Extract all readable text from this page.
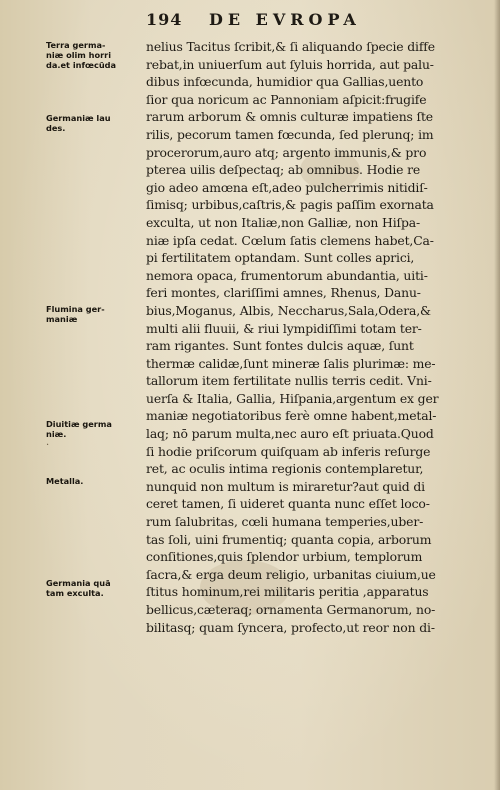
194 DE EVROPA
nelius Tacitus ſcribit,& ſi aliquando ſpecie diffe
rebat,in uniuerſum aut ſyluis horrida, aut palu-
dibus infœcunda, humidior qua Gallias,uento
ſior qua noricum ac Pannoniam aſpicit:frugife
rarum arborum & omnis culturæ impatiens ſte
rilis, pecorum tamen fœcunda, ſed plerunq; im
procerorum,auro atq; argento immunis,& pro
pterea uilis deſpectaq; ab omnibus. Hodie re
gio adeo amœna eſt,adeo pulcherrimis nitidiſ-
ſimisq; urbibus,caſtris,& pagis paſſim exornata
exculta, ut non Italiæ,non Galliæ, non Hiſpa-
niæ ipſa cedat. Cœlum ſatis clemens habet,Ca-
pi fertilitatem optandam. Sunt colles aprici,
nemora opaca, frumentorum abundantia, uiti-
feri montes, clariſſimi amnes, Rhenus, Danu-
bius,Moganus, Albis, Neccharus,Sala,Odera,&
multi alii fluuii, & riui lympidiſſimi totam ter-
ram rigantes. Sunt fontes dulcis aquæ, ſunt
thermæ calidæ,ſunt mineræ ſalis plurimæ: me-
tallorum item fertilitate nullis terris cedit. Vni-
uerſa & Italia, Gallia, Hiſpania,argentum ex ger
maniæ negotiatoribus ferè omne habent,metal-
laq; nō parum multa,nec auro eſt priuata.Quod
ſi hodie priſcorum quiſquam ab inferis reſurge
ret, ac oculis intima regionis contemplaretur,
nunquid non multum is miraretur?aut quid di
ceret tamen, ſi uideret quanta nunc eſſet loco-
rum ſalubritas, cœli humana temperies,uber-
tas ſoli, uini frumentiq; quanta copia, arborum
conſitiones,quis ſplendor urbium, templorum
ſacra,& erga deum religio, urbanitas ciuium,ue
ſtitus hominum,rei militaris peritia ,apparatus
bellicus,cæteraq; ornamenta Germanorum, no-
bilitasq; quam ſyncera, profecto,ut reor non di-
Terra germa-
niæ olim horri
da.et infœcūda
Germaniæ lau
des.
Flumina ger-
maniæ
Diuitiæ germa
niæ.
Metalla.
Germania quā
tam exculta.
·
